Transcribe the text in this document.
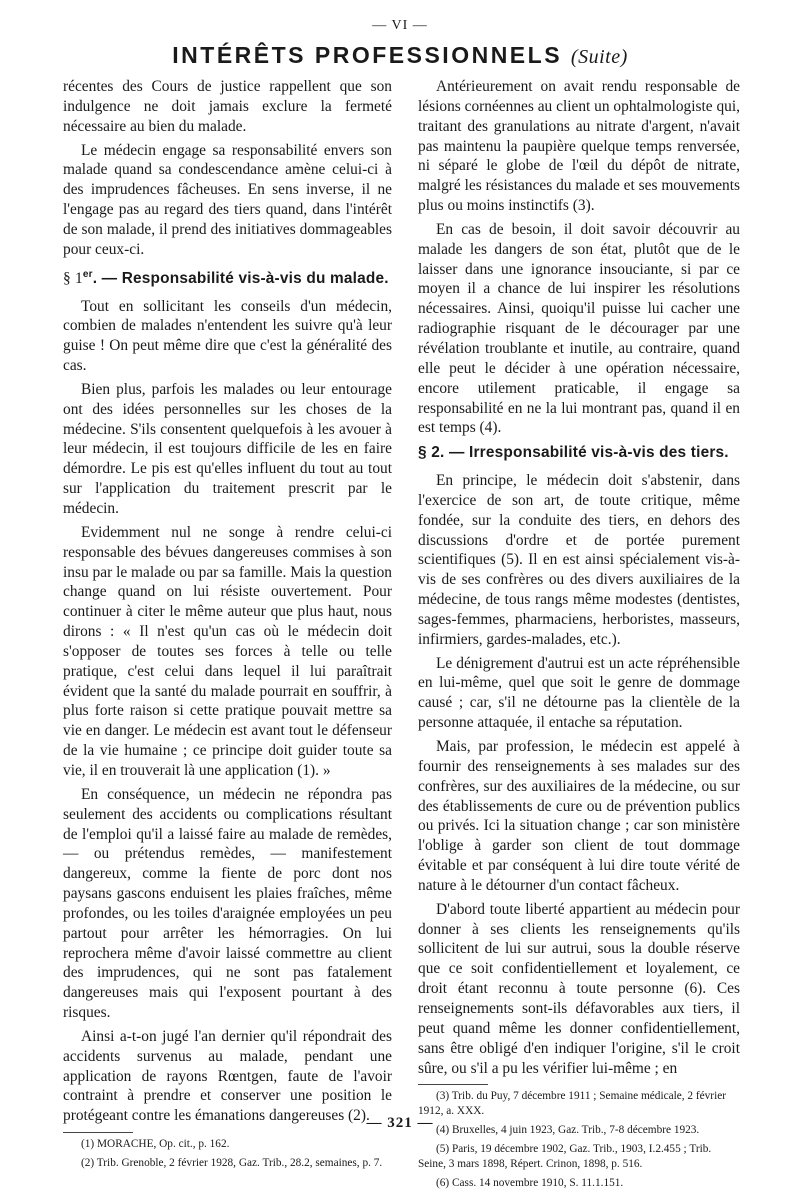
— VI —
INTÉRÊTS PROFESSIONNELS (Suite)

récentes des Cours de justice rappellent que son indulgence ne doit jamais exclure la fermeté nécessaire au bien du malade.

Le médecin engage sa responsabilité envers son malade quand sa condescendance amène celui-ci à des imprudences fâcheuses. En sens inverse, il ne l'engage pas au regard des tiers quand, dans l'intérêt de son malade, il prend des initiatives dommageables pour ceux-ci.

§ 1er. — Responsabilité vis-à-vis du malade.

Tout en sollicitant les conseils d'un médecin, combien de malades n'entendent les suivre qu'à leur guise ! On peut même dire que c'est la généralité des cas.

Bien plus, parfois les malades ou leur entourage ont des idées personnelles sur les choses de la médecine. S'ils consentent quelquefois à les avouer à leur médecin, il est toujours difficile de les en faire démordre. Le pis est qu'elles influent du tout au tout sur l'application du traitement prescrit par le médecin.

Evidemment nul ne songe à rendre celui-ci responsable des bévues dangereuses commises à son insu par le malade ou par sa famille. Mais la question change quand on lui résiste ouvertement. Pour continuer à citer le même auteur que plus haut, nous dirons : « Il n'est qu'un cas où le médecin doit s'opposer de toutes ses forces à telle ou telle pratique, c'est celui dans lequel il lui paraîtrait évident que la santé du malade pourrait en souffrir, à plus forte raison si cette pratique pouvait mettre sa vie en danger. Le médecin est avant tout le défenseur de la vie humaine ; ce principe doit guider toute sa vie, il en trouverait là une application (1). »

En conséquence, un médecin ne répondra pas seulement des accidents ou complications résultant de l'emploi qu'il a laissé faire au malade de remèdes, — ou prétendus remèdes, — manifestement dangereux, comme la fiente de porc dont nos paysans gascons enduisent les plaies fraîches, même profondes, ou les toiles d'araignée employées un peu partout pour arrêter les hémorragies. On lui reprochera même d'avoir laissé commettre au client des imprudences, qui ne sont pas fatalement dangereuses mais qui l'exposent pourtant à des risques.

Ainsi a-t-on jugé l'an dernier qu'il répondrait des accidents survenus au malade, pendant une application de rayons Rœntgen, faute de l'avoir contraint à prendre et conserver une position le protégeant contre les émanations dangereuses (2).

(1) MORACHE, Op. cit., p. 162.

(2) Trib. Grenoble, 2 février 1928, Gaz. Trib., 28.2, semaines, p. 7.

Antérieurement on avait rendu responsable de lésions cornéennes au client un ophtalmologiste qui, traitant des granulations au nitrate d'argent, n'avait pas maintenu la paupière quelque temps renversée, ni séparé le globe de l'œil du dépôt de nitrate, malgré les résistances du malade et ses mouvements plus ou moins instinctifs (3).

En cas de besoin, il doit savoir découvrir au malade les dangers de son état, plutôt que de le laisser dans une ignorance insouciante, si par ce moyen il a chance de lui inspirer les résolutions nécessaires. Ainsi, quoiqu'il puisse lui cacher une radiographie risquant de le décourager par une révélation troublante et inutile, au contraire, quand elle peut le décider à une opération nécessaire, encore utilement praticable, il engage sa responsabilité en ne la lui montrant pas, quand il en est temps (4).

§ 2. — Irresponsabilité vis-à-vis des tiers.

En principe, le médecin doit s'abstenir, dans l'exercice de son art, de toute critique, même fondée, sur la conduite des tiers, en dehors des discussions d'ordre et de portée purement scientifiques (5). Il en est ainsi spécialement vis-à-vis de ses confrères ou des divers auxiliaires de la médecine, de tous rangs même modestes (dentistes, sages-femmes, pharmaciens, herboristes, masseurs, infirmiers, gardes-malades, etc.).

Le dénigrement d'autrui est un acte répréhensible en lui-même, quel que soit le genre de dommage causé ; car, s'il ne détourne pas la clientèle de la personne attaquée, il entache sa réputation.

Mais, par profession, le médecin est appelé à fournir des renseignements à ses malades sur des confrères, sur des auxiliaires de la médecine, ou sur des établissements de cure ou de prévention publics ou privés. Ici la situation change ; car son ministère l'oblige à garder son client de tout dommage évitable et par conséquent à lui dire toute vérité de nature à le détourner d'un contact fâcheux.

D'abord toute liberté appartient au médecin pour donner à ses clients les renseignements qu'ils sollicitent de lui sur autrui, sous la double réserve que ce soit confidentiellement et loyalement, ce droit étant reconnu à toute personne (6). Ces renseignements sont-ils défavorables aux tiers, il peut quand même les donner confidentiellement, sans être obligé d'en indiquer l'origine, s'il le croit sûre, ou s'il a pu les vérifier lui-même ; en

(3) Trib. du Puy, 7 décembre 1911 ; Semaine médicale, 2 février 1912, a. XXX.

(4) Bruxelles, 4 juin 1923, Gaz. Trib., 7-8 décembre 1923.

(5) Paris, 19 décembre 1902, Gaz. Trib., 1903, I.2.455 ; Trib. Seine, 3 mars 1898, Répert. Crinon, 1898, p. 516.

(6) Cass. 14 novembre 1910, S. 11.1.151.

— 321 —
